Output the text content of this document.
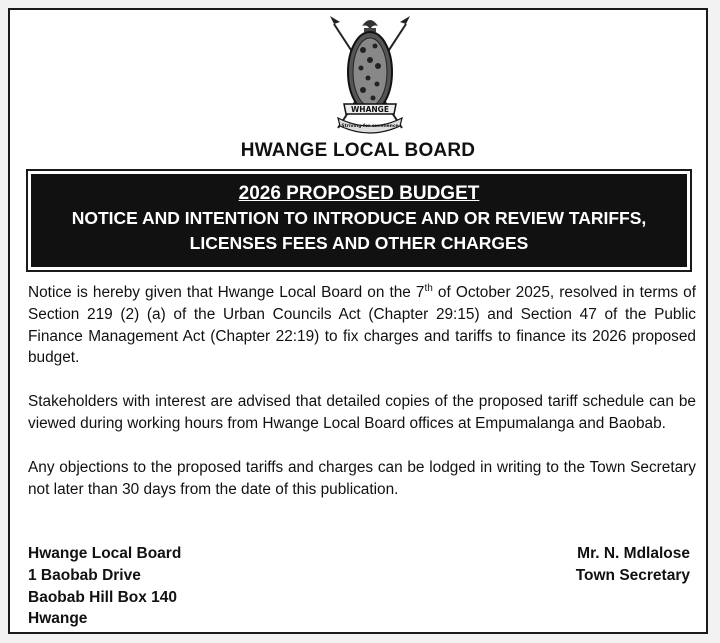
WHANGE
Striving for excellence
HWANGE LOCAL BOARD
2026 PROPOSED BUDGET
NOTICE AND INTENTION TO INTRODUCE AND OR REVIEW TARIFFS,
LICENSES FEES AND OTHER CHARGES

Notice is hereby given that Hwange Local Board on the 7th of October 2025, resolved in terms of Section 219 (2) (a) of the Urban Councils Act (Chapter 29:15) and Section 47 of the Public Finance Management Act (Chapter 22:19) to fix charges and tariffs to finance its 2026 proposed budget.

Stakeholders with interest are advised that detailed copies of the proposed tariff schedule can be viewed during working hours from Hwange Local Board offices at Empumalanga and Baobab.

Any objections to the proposed tariffs and charges can be lodged in writing to the Town Secretary not later than 30 days from the date of this publication.

Hwange Local Board
1 Baobab Drive
Baobab Hill Box 140
Hwange
Mr. N. Mdlalose
Town Secretary
